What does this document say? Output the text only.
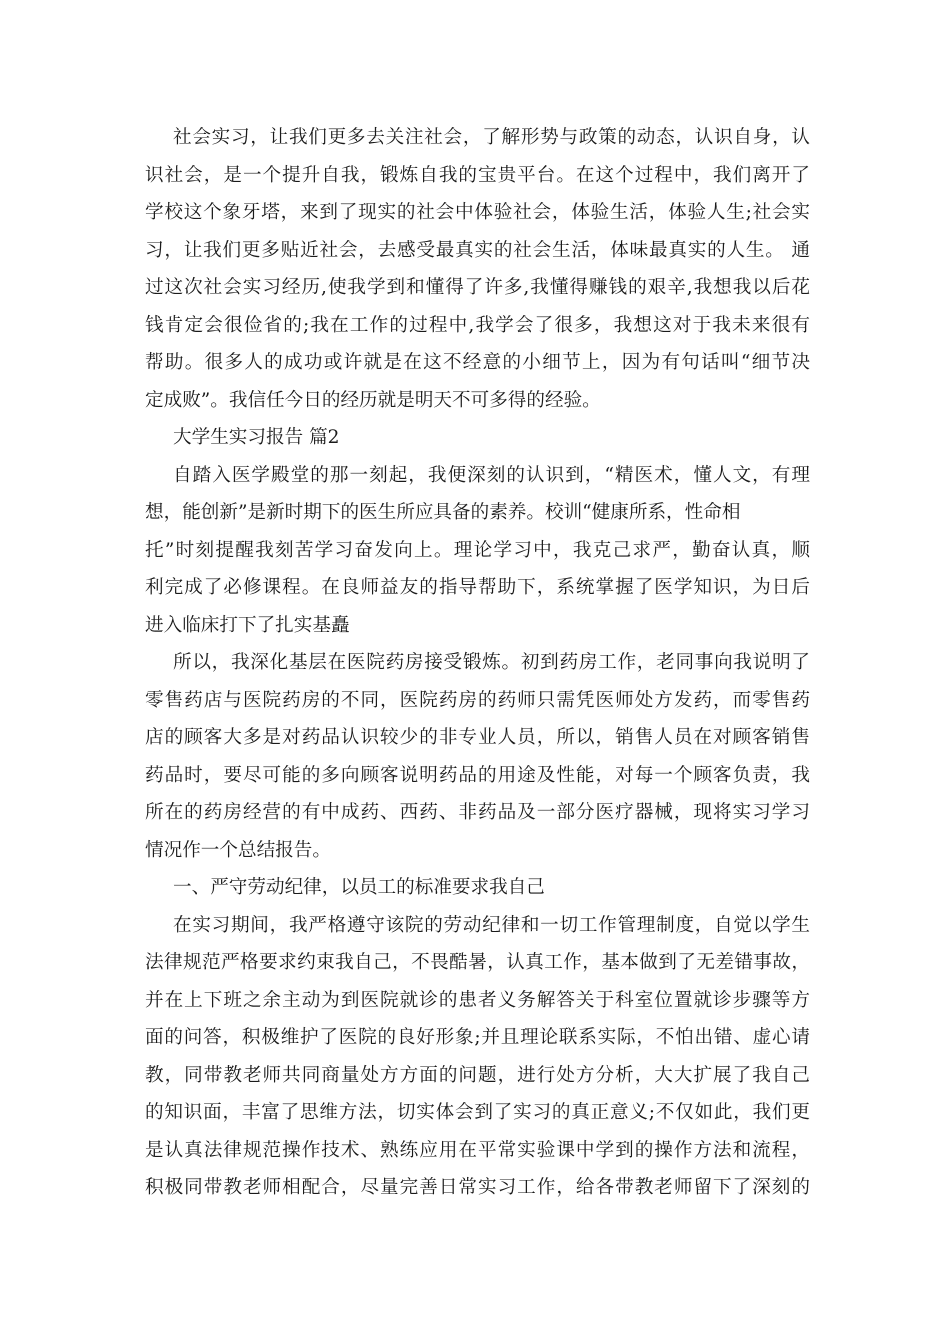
社会实习，让我们更多去关注社会，了解形势与政策的动态，认识自身，认
识社会，是一个提升自我，锻炼自我的宝贵平台。在这个过程中，我们离开了
学校这个象牙塔，来到了现实的社会中体验社会，体验生活，体验人生;社会实
习，让我们更多贴近社会，去感受最真实的社会生活，体味最真实的人生。 通
过这次社会实习经历,使我学到和懂得了许多,我懂得赚钱的艰辛,我想我以后花
钱肯定会很俭省的;我在工作的过程中,我学会了很多，我想这对于我未来很有
帮助。很多人的成功或许就是在这不经意的小细节上，因为有句话叫“细节决
定成败”。我信任今日的经历就是明天不可多得的经验。
大学生实习报告 篇2
自踏入医学殿堂的那一刻起，我便深刻的认识到，“精医术，懂人文，有理
想，能创新”是新时期下的医生所应具备的素养。校训“健康所系，性命相
托”时刻提醒我刻苦学习奋发向上。理论学习中，我克己求严，勤奋认真，顺
利完成了必修课程。在良师益友的指导帮助下，系统掌握了医学知识，为日后
进入临床打下了扎实基矗
所以，我深化基层在医院药房接受锻炼。初到药房工作，老同事向我说明了
零售药店与医院药房的不同，医院药房的药师只需凭医师处方发药，而零售药
店的顾客大多是对药品认识较少的非专业人员，所以，销售人员在对顾客销售
药品时，要尽可能的多向顾客说明药品的用途及性能，对每一个顾客负责，我
所在的药房经营的有中成药、西药、非药品及一部分医疗器械，现将实习学习
情况作一个总结报告。
一、严守劳动纪律，以员工的标准要求我自己
在实习期间，我严格遵守该院的劳动纪律和一切工作管理制度，自觉以学生
法律规范严格要求约束我自己，不畏酷暑，认真工作，基本做到了无差错事故，
并在上下班之余主动为到医院就诊的患者义务解答关于科室位置就诊步骤等方
面的问答，积极维护了医院的良好形象;并且理论联系实际，不怕出错、虚心请
教，同带教老师共同商量处方方面的问题，进行处方分析，大大扩展了我自己
的知识面，丰富了思维方法，切实体会到了实习的真正意义;不仅如此，我们更
是认真法律规范操作技术、熟练应用在平常实验课中学到的操作方法和流程，
积极同带教老师相配合，尽量完善日常实习工作，给各带教老师留下了深刻的
